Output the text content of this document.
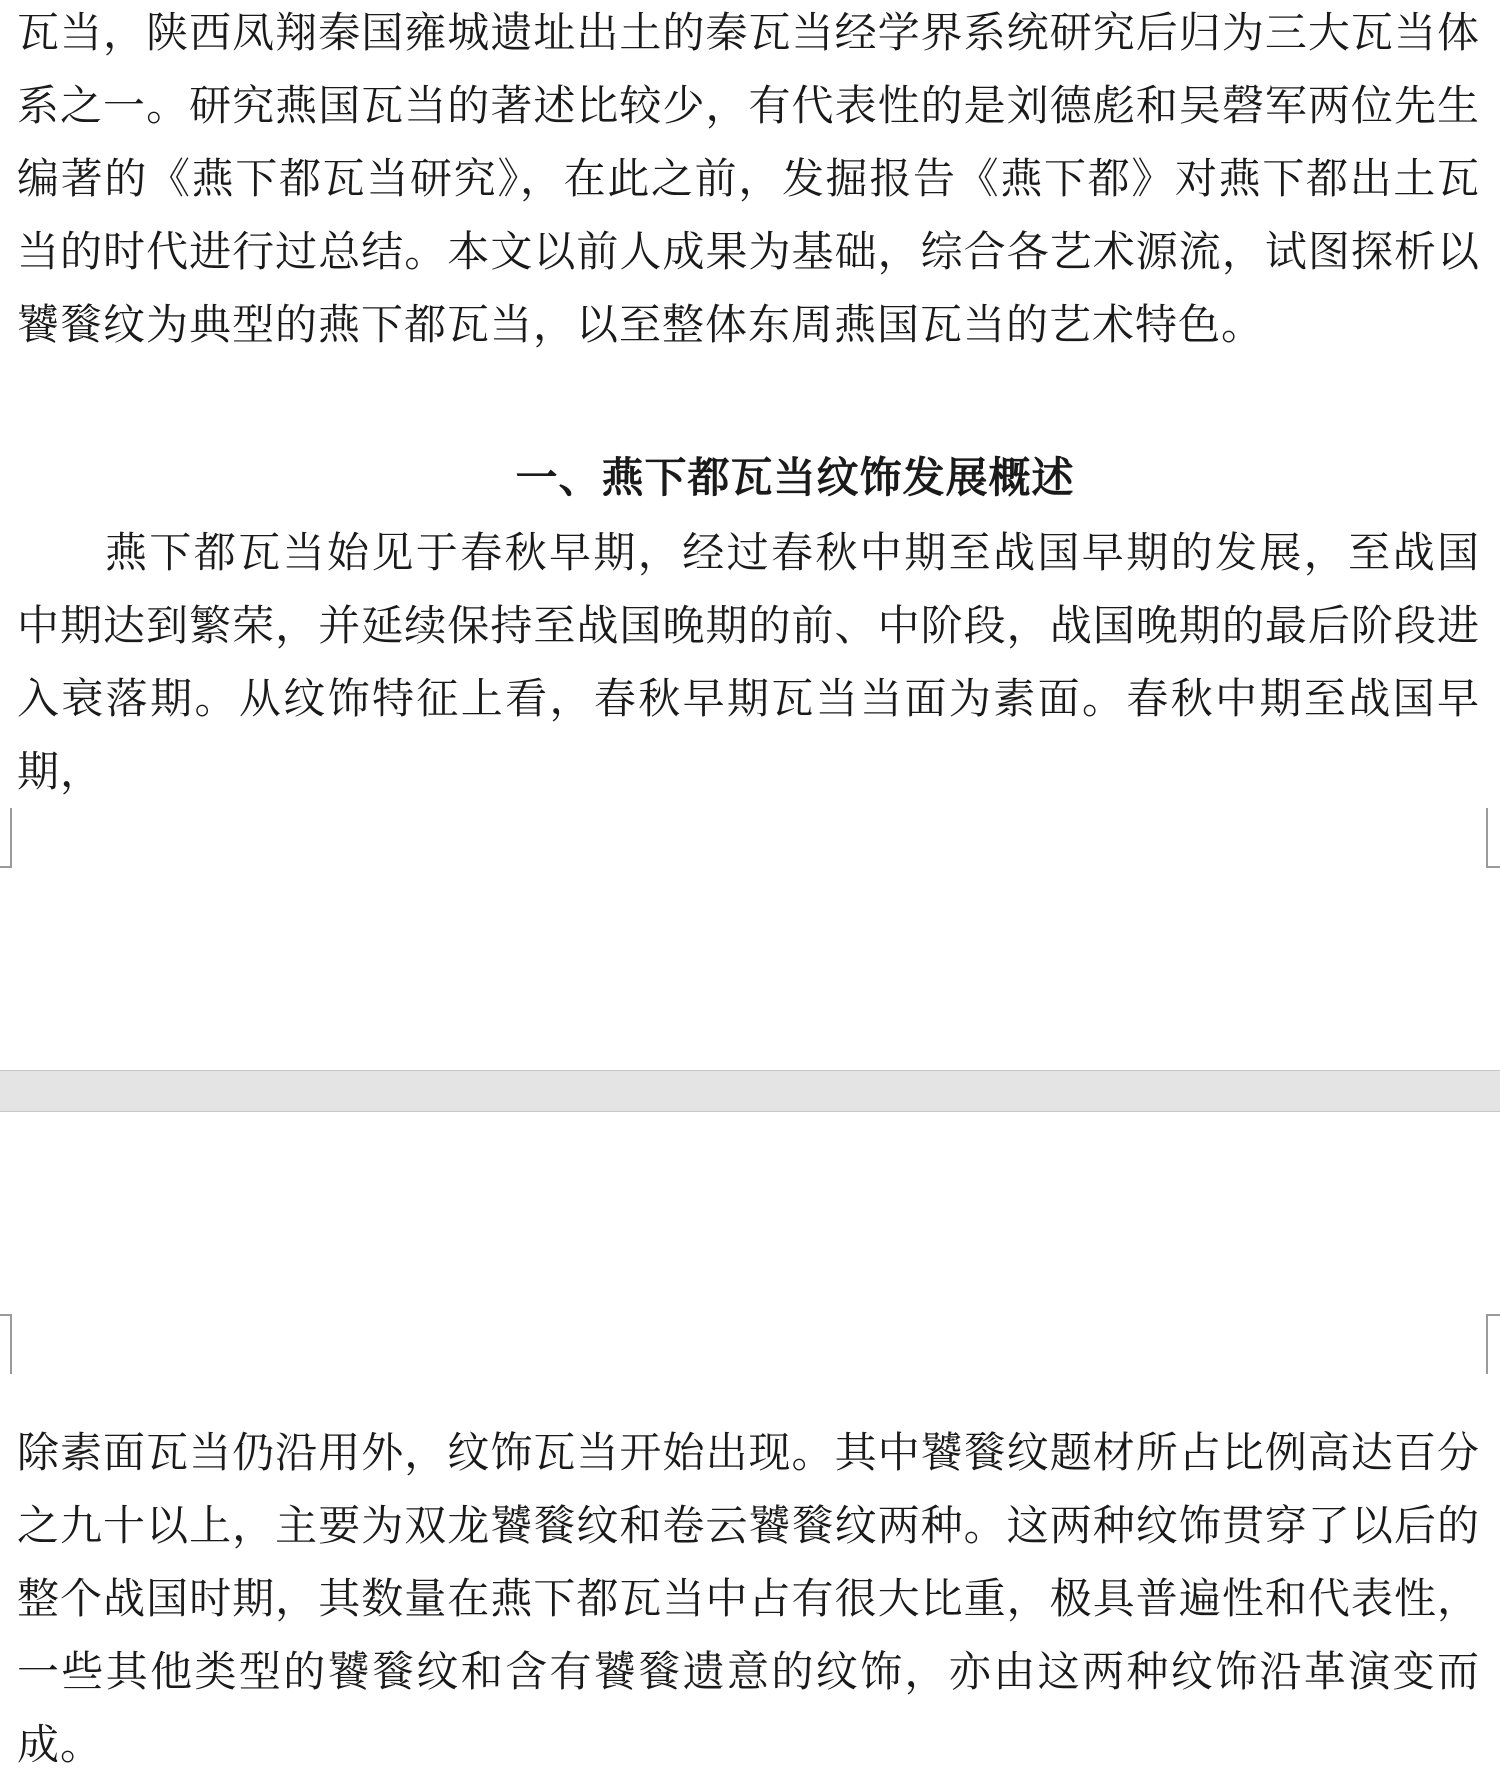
瓦当，陕西凤翔秦国雍城遗址出土的秦瓦当经学界系统研究后归为三大瓦当体系之一。研究燕国瓦当的著述比较少，有代表性的是刘德彪和吴磬军两位先生编著的《燕下都瓦当研究》，在此之前，发掘报告《燕下都》对燕下都出土瓦当的时代进行过总结。本文以前人成果为基础，综合各艺术源流，试图探析以饕餮纹为典型的燕下都瓦当，以至整体东周燕国瓦当的艺术特色。

一、燕下都瓦当纹饰发展概述

燕下都瓦当始见于春秋早期，经过春秋中期至战国早期的发展，至战国中期达到繁荣，并延续保持至战国晚期的前、中阶段，战国晚期的最后阶段进入衰落期。从纹饰特征上看，春秋早期瓦当当面为素面。春秋中期至战国早期，

除素面瓦当仍沿用外，纹饰瓦当开始出现。其中饕餮纹题材所占比例高达百分之九十以上，主要为双龙饕餮纹和卷云饕餮纹两种。这两种纹饰贯穿了以后的整个战国时期，其数量在燕下都瓦当中占有很大比重，极具普遍性和代表性，一些其他类型的饕餮纹和含有饕餮遗意的纹饰，亦由这两种纹饰沿革演变而成。
